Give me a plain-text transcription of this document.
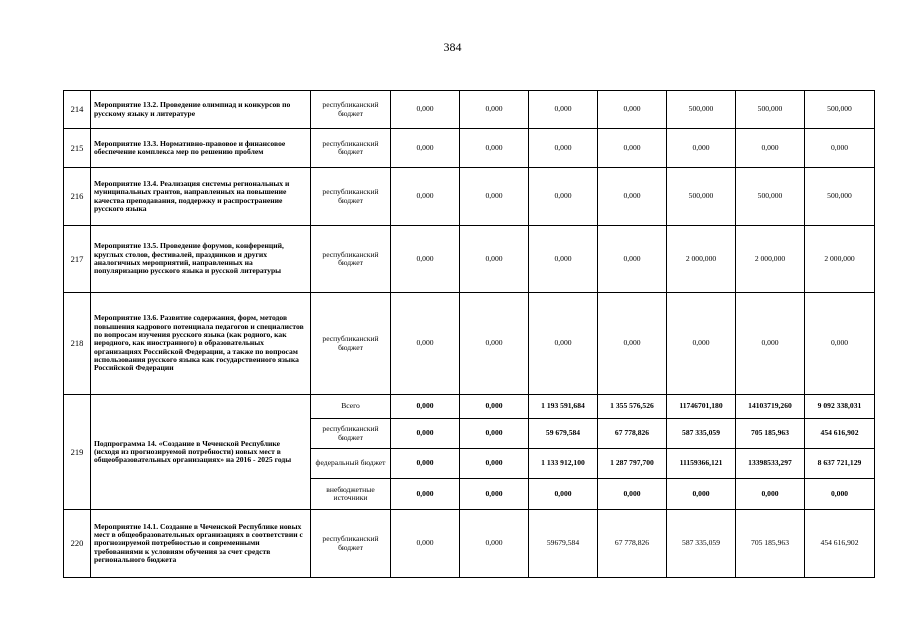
384
214	Мероприятие 13.2. Проведение олимпиад и конкурсов по русскому языку и литературе	республиканский бюджет	0,000	0,000	0,000	0,000	500,000	500,000	500,000
215	Мероприятие 13.3. Нормативно-правовое и финансовое обеспечение комплекса мер по решению проблем	республиканский бюджет	0,000	0,000	0,000	0,000	0,000	0,000	0,000
216	Мероприятие 13.4. Реализация системы региональных и муниципальных грантов, направленных на повышение качества преподавания, поддержку и распространение русского языка	республиканский бюджет	0,000	0,000	0,000	0,000	500,000	500,000	500,000
217	Мероприятие 13.5. Проведение форумов, конференций, круглых столов, фестивалей, праздников и других аналогичных мероприятий, направленных на популяризацию русского языка и русской литературы	республиканский бюджет	0,000	0,000	0,000	0,000	2 000,000	2 000,000	2 000,000
218	Мероприятие 13.6. Развитие содержания, форм, методов повышения кадрового потенциала педагогов и специалистов по вопросам изучения русского языка (как родного, как неродного, как иностранного) в образовательных организациях Российской Федерации, а также по вопросам использования русского языка как государственного языка Российской Федерации	республиканский бюджет	0,000	0,000	0,000	0,000	0,000	0,000	0,000
219	Подпрограмма 14. «Создание в Чеченской Республике (исходя из прогнозируемой потребности) новых мест в общеобразовательных организациях» на 2016 - 2025 годы	Всего	0,000	0,000	1 193 591,684	1 355 576,526	11746701,180	14103719,260	9 092 338,031
		республиканский бюджет	0,000	0,000	59 679,584	67 778,826	587 335,059	705 185,963	454 616,902
		федеральный бюджет	0,000	0,000	1 133 912,100	1 287 797,700	11159366,121	13398533,297	8 637 721,129
		внебюджетные источники	0,000	0,000	0,000	0,000	0,000	0,000	0,000
220	Мероприятие 14.1. Создание в Чеченской Республике новых мест в общеобразовательных организациях в соответствии с прогнозируемой потребностью и современными требованиями к условиям обучения за счет средств регионального бюджета	республиканский бюджет	0,000	0,000	59679,584	67 778,826	587 335,059	705 185,963	454 616,902
